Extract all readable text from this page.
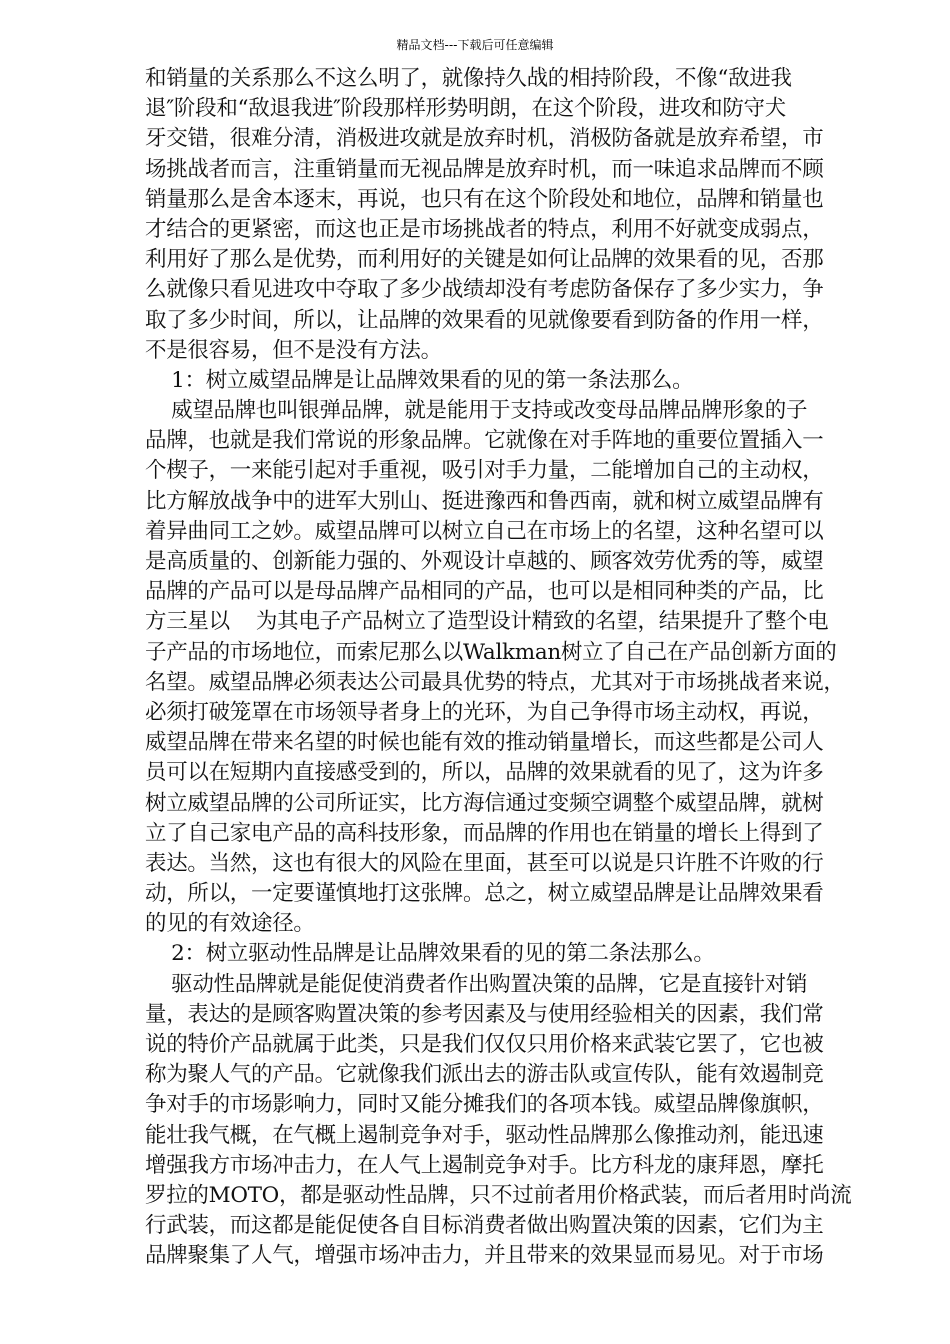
精品文档---下载后可任意编辑
和销量的关系那么不这么明了，就像持久战的相持阶段，不像“敌进我
退″阶段和“敌退我进″阶段那样形势明朗，在这个阶段，进攻和防守犬
牙交错，很难分清，消极进攻就是放弃时机，消极防备就是放弃希望，市
场挑战者而言，注重销量而无视品牌是放弃时机，而一味追求品牌而不顾
销量那么是舍本逐末，再说，也只有在这个阶段处和地位，品牌和销量也
才结合的更紧密，而这也正是市场挑战者的特点，利用不好就变成弱点，
利用好了那么是优势，而利用好的关键是如何让品牌的效果看的见，否那
么就像只看见进攻中夺取了多少战绩却没有考虑防备保存了多少实力，争
取了多少时间，所以，让品牌的效果看的见就像要看到防备的作用一样，
不是很容易，但不是没有方法。
1：树立威望品牌是让品牌效果看的见的第一条法那么。
威望品牌也叫银弹品牌，就是能用于支持或改变母品牌品牌形象的子
品牌，也就是我们常说的形象品牌。它就像在对手阵地的重要位置插入一
个楔子，一来能引起对手重视，吸引对手力量，二能增加自己的主动权，
比方解放战争中的进军大别山、挺进豫西和鲁西南，就和树立威望品牌有
着异曲同工之妙。威望品牌可以树立自己在市场上的名望，这种名望可以
是高质量的、创新能力强的、外观设计卓越的、顾客效劳优秀的等，威望
品牌的产品可以是母品牌产品相同的产品，也可以是相同种类的产品，比
方三星以    为其电子产品树立了造型设计精致的名望，结果提升了整个电
子产品的市场地位，而索尼那么以Walkman树立了自己在产品创新方面的
名望。威望品牌必须表达公司最具优势的特点，尤其对于市场挑战者来说，
必须打破笼罩在市场领导者身上的光环，为自己争得市场主动权，再说，
威望品牌在带来名望的时候也能有效的推动销量增长，而这些都是公司人
员可以在短期内直接感受到的，所以，品牌的效果就看的见了，这为许多
树立威望品牌的公司所证实，比方海信通过变频空调整个威望品牌，就树
立了自己家电产品的高科技形象，而品牌的作用也在销量的增长上得到了
表达。当然，这也有很大的风险在里面，甚至可以说是只许胜不许败的行
动，所以，一定要谨慎地打这张牌。总之，树立威望品牌是让品牌效果看
的见的有效途径。
2：树立驱动性品牌是让品牌效果看的见的第二条法那么。
驱动性品牌就是能促使消费者作出购置决策的品牌，它是直接针对销
量，表达的是顾客购置决策的参考因素及与使用经验相关的因素，我们常
说的特价产品就属于此类，只是我们仅仅只用价格来武装它罢了，它也被
称为聚人气的产品。它就像我们派出去的游击队或宣传队，能有效遏制竞
争对手的市场影响力，同时又能分摊我们的各项本钱。威望品牌像旗帜，
能壮我气概，在气概上遏制竞争对手，驱动性品牌那么像推动剂，能迅速
增强我方市场冲击力，在人气上遏制竞争对手。比方科龙的康拜恩，摩托
罗拉的MOTO，都是驱动性品牌，只不过前者用价格武装，而后者用时尚流
行武装，而这都是能促使各自目标消费者做出购置决策的因素，它们为主
品牌聚集了人气，增强市场冲击力，并且带来的效果显而易见。对于市场
